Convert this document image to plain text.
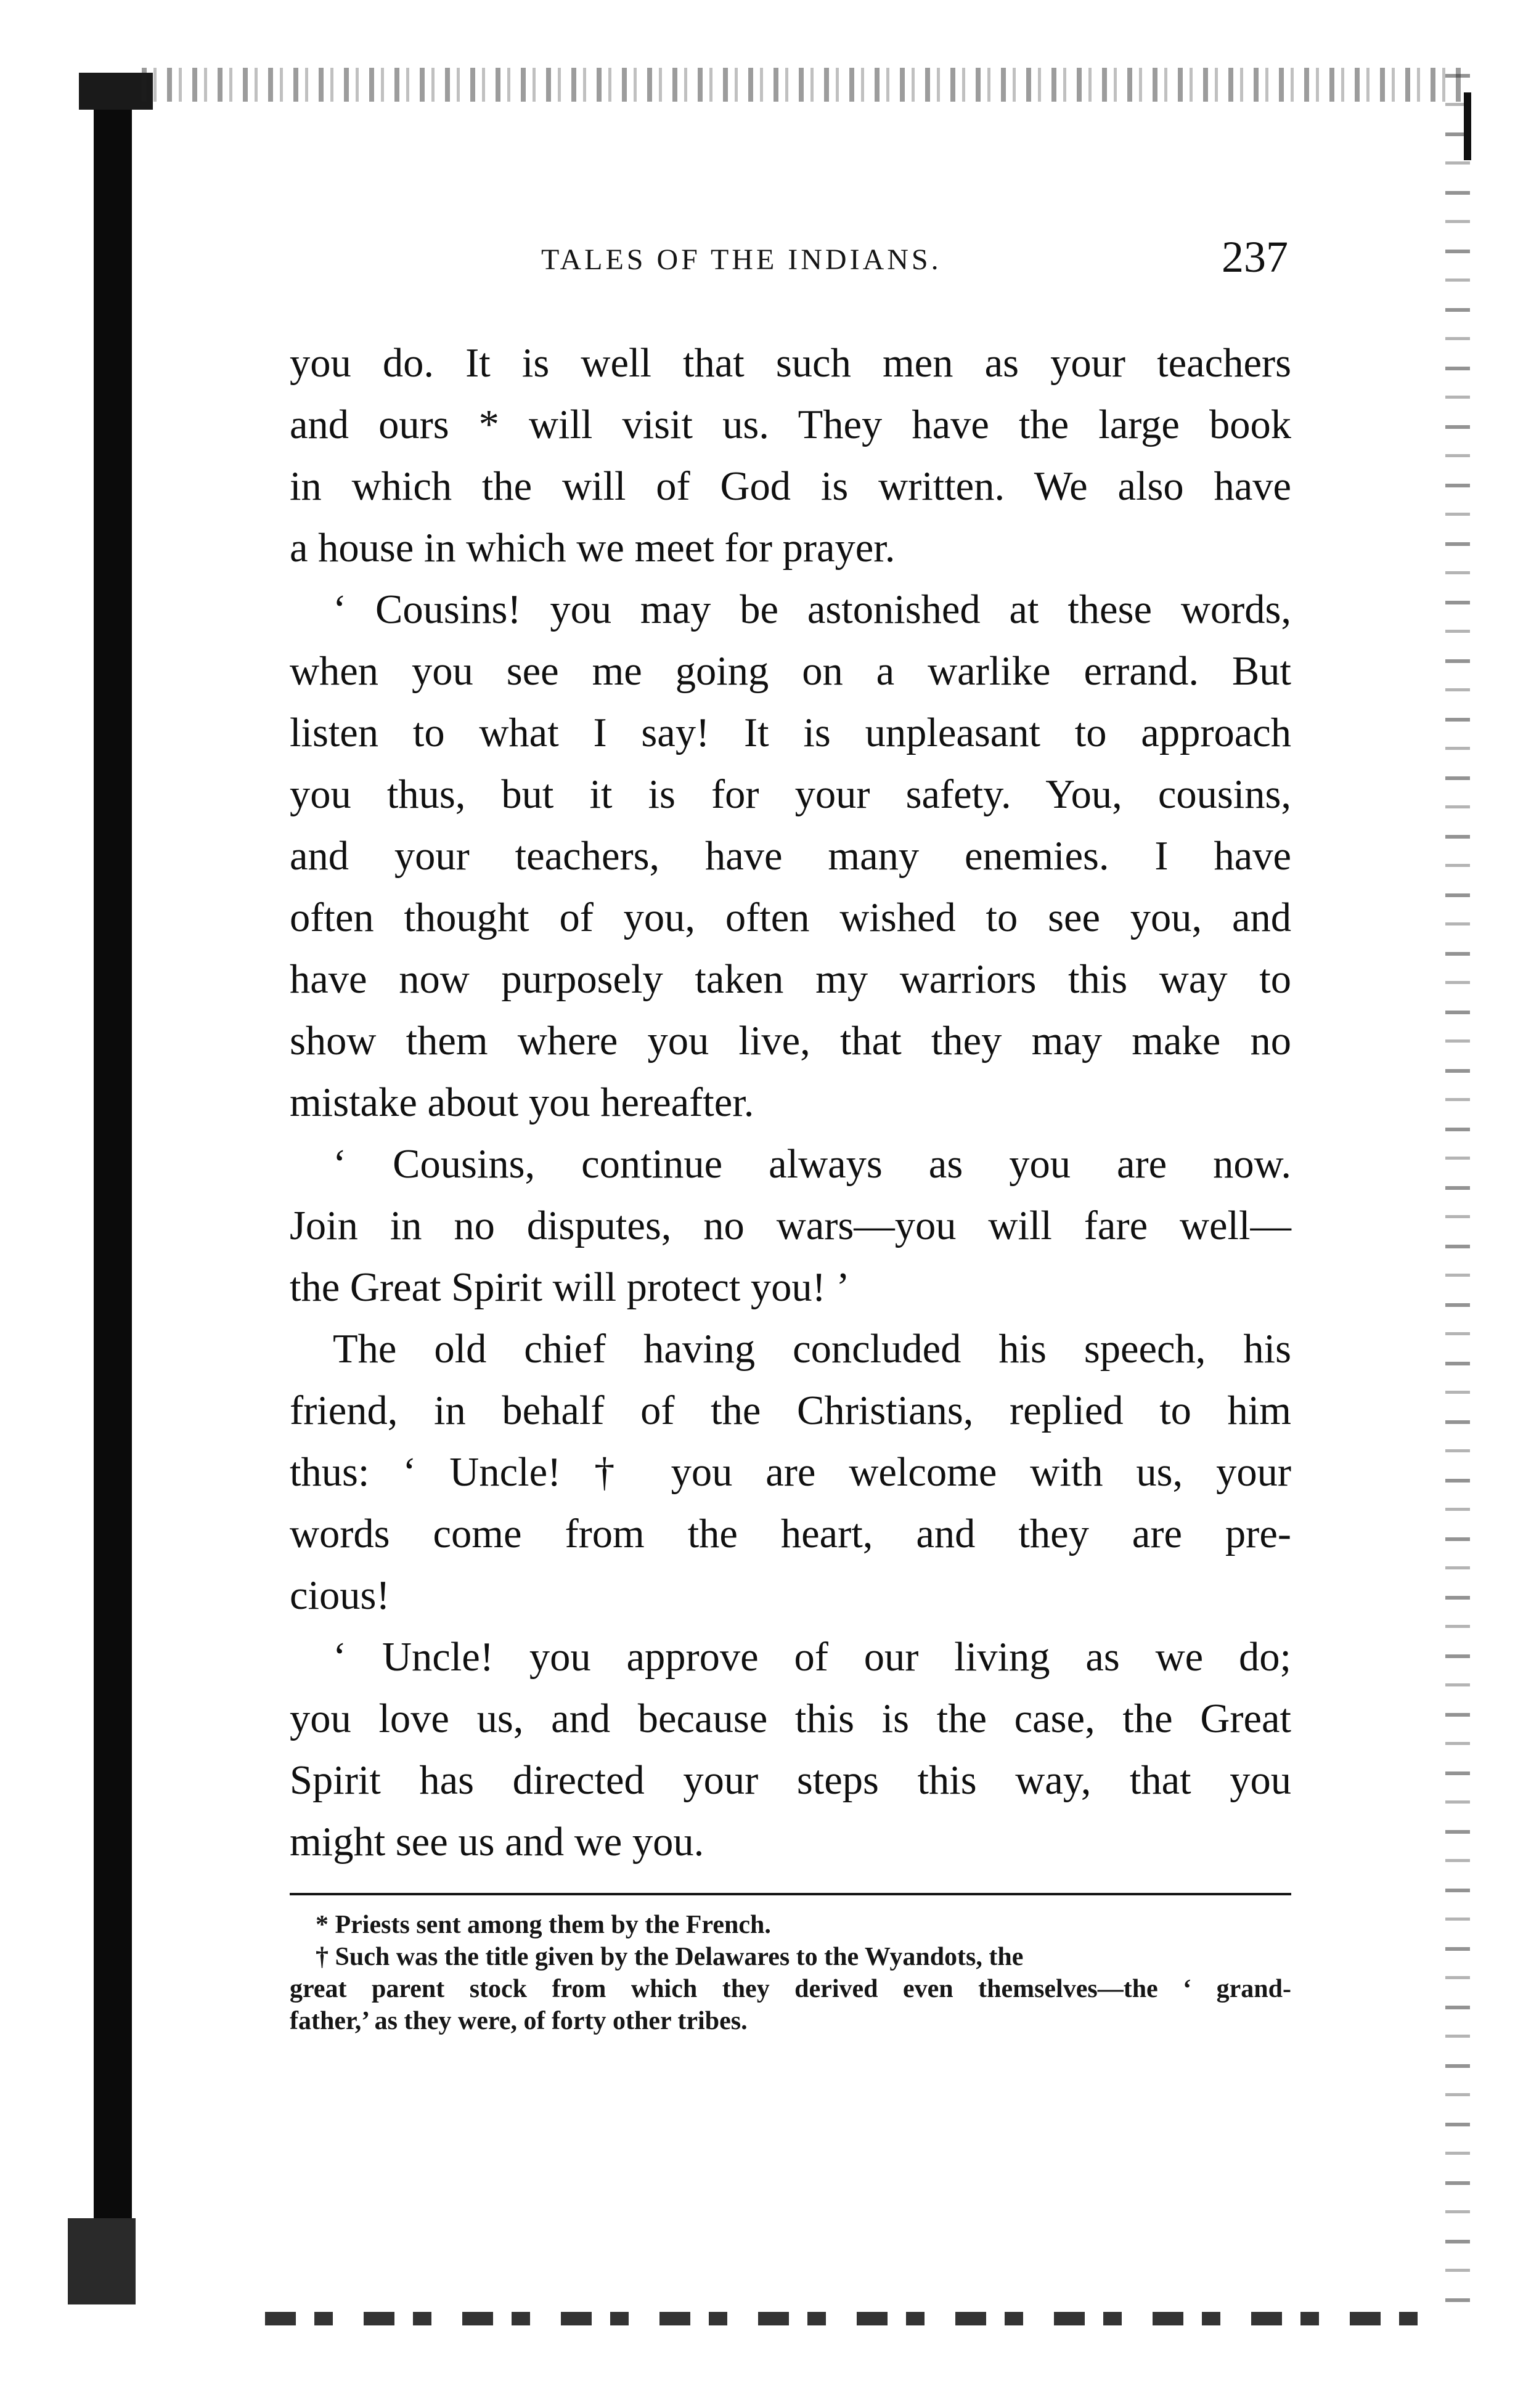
TALES OF THE INDIANS.	237
you do. It is well that such men as your teachers
and ours * will visit us. They have the large book
in which the will of God is written. We also have
a house in which we meet for prayer.
‘ Cousins! you may be astonished at these words,
when you see me going on a warlike errand. But
listen to what I say! It is unpleasant to approach
you thus, but it is for your safety. You, cousins,
and your teachers, have many enemies. I have
often thought of you, often wished to see you, and
have now purposely taken my warriors this way to
show them where you live, that they may make no
mistake about you hereafter.
‘ Cousins, continue always as you are now.
Join in no disputes, no wars—you will fare well—
the Great Spirit will protect you! ’
The old chief having concluded his speech, his
friend, in behalf of the Christians, replied to him
thus: ‘ Uncle! † you are welcome with us, your
words come from the heart, and they are pre-
cious!
‘ Uncle! you approve of our living as we do;
you love us, and because this is the case, the Great
Spirit has directed your steps this way, that you
might see us and we you.
* Priests sent among them by the French.
† Such was the title given by the Delawares to the Wyandots, the
great parent stock from which they derived even themselves—the ‘ grand-
father,’ as they were, of forty other tribes.
